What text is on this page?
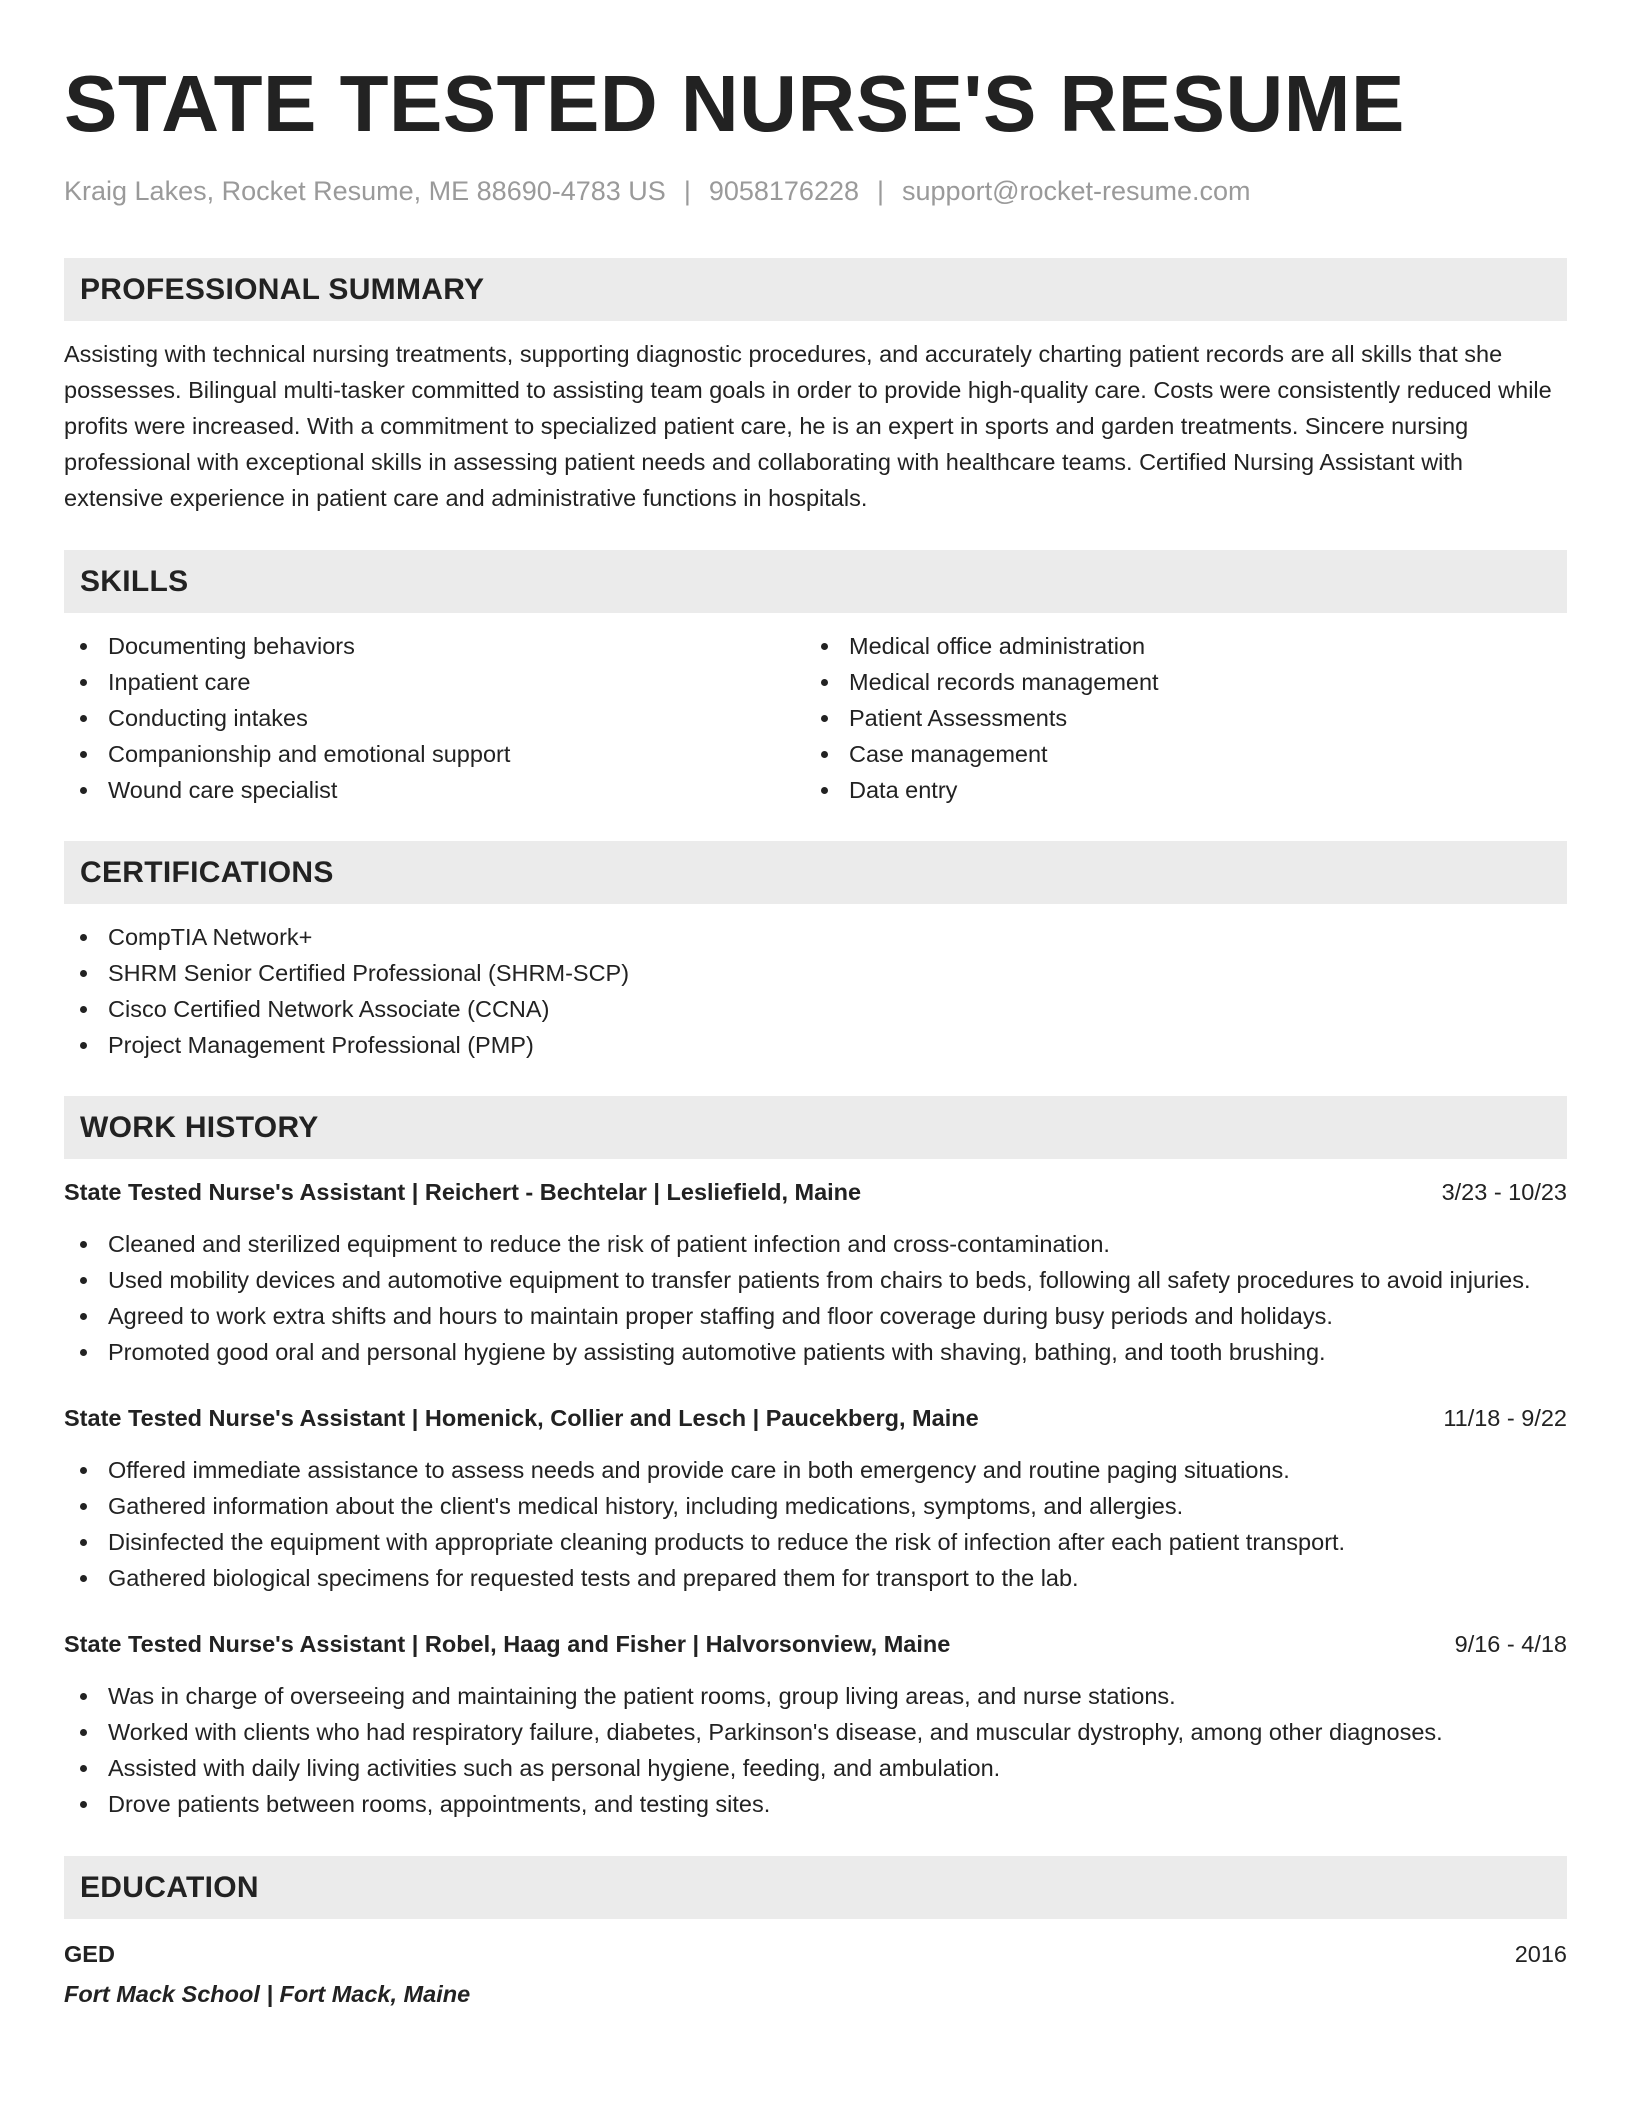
STATE TESTED NURSE'S RESUME
Kraig Lakes, Rocket Resume, ME 88690-4783 US | 9058176228 | support@rocket-resume.com
PROFESSIONAL SUMMARY

Assisting with technical nursing treatments, supporting diagnostic procedures, and accurately charting patient records are all skills that she possesses. Bilingual multi-tasker committed to assisting team goals in order to provide high-quality care. Costs were consistently reduced while profits were increased. With a commitment to specialized patient care, he is an expert in sports and garden treatments. Sincere nursing professional with exceptional skills in assessing patient needs and collaborating with healthcare teams. Certified Nursing Assistant with extensive experience in patient care and administrative functions in hospitals.

SKILLS
Documenting behaviors
Inpatient care
Conducting intakes
Companionship and emotional support
Wound care specialist
Medical office administration
Medical records management
Patient Assessments
Case management
Data entry
CERTIFICATIONS
CompTIA Network+
SHRM Senior Certified Professional (SHRM-SCP)
Cisco Certified Network Associate (CCNA)
Project Management Professional (PMP)
WORK HISTORY
State Tested Nurse's Assistant | Reichert - Bechtelar | Lesliefield, Maine	3/23 - 10/23
Cleaned and sterilized equipment to reduce the risk of patient infection and cross-contamination.
Used mobility devices and automotive equipment to transfer patients from chairs to beds, following all safety procedures to avoid injuries.
Agreed to work extra shifts and hours to maintain proper staffing and floor coverage during busy periods and holidays.
Promoted good oral and personal hygiene by assisting automotive patients with shaving, bathing, and tooth brushing.
State Tested Nurse's Assistant | Homenick, Collier and Lesch | Paucekberg, Maine	11/18 - 9/22
Offered immediate assistance to assess needs and provide care in both emergency and routine paging situations.
Gathered information about the client's medical history, including medications, symptoms, and allergies.
Disinfected the equipment with appropriate cleaning products to reduce the risk of infection after each patient transport.
Gathered biological specimens for requested tests and prepared them for transport to the lab.
State Tested Nurse's Assistant | Robel, Haag and Fisher | Halvorsonview, Maine	9/16 - 4/18
Was in charge of overseeing and maintaining the patient rooms, group living areas, and nurse stations.
Worked with clients who had respiratory failure, diabetes, Parkinson's disease, and muscular dystrophy, among other diagnoses.
Assisted with daily living activities such as personal hygiene, feeding, and ambulation.
Drove patients between rooms, appointments, and testing sites.
EDUCATION
GED	2016
Fort Mack School | Fort Mack, Maine
